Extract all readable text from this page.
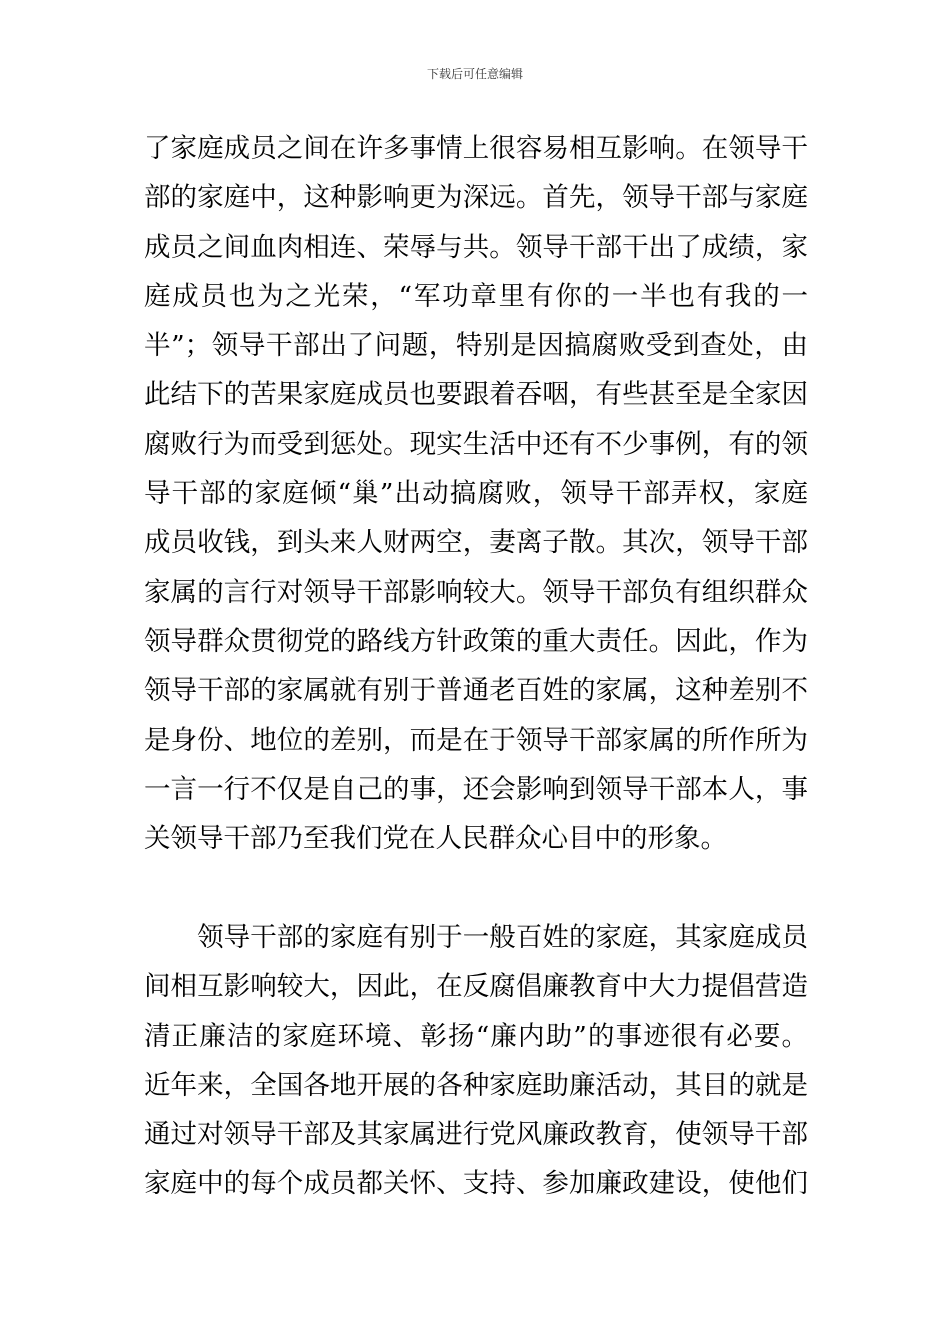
下载后可任意编辑
了家庭成员之间在许多事情上很容易相互影响。在领导干
部的家庭中，这种影响更为深远。首先，领导干部与家庭
成员之间血肉相连、荣辱与共。领导干部干出了成绩，家
庭成员也为之光荣，“军功章里有你的一半也有我的一
半”；领导干部出了问题，特别是因搞腐败受到查处，由
此结下的苦果家庭成员也要跟着吞咽，有些甚至是全家因
腐败行为而受到惩处。现实生活中还有不少事例，有的领
导干部的家庭倾“巢”出动搞腐败，领导干部弄权，家庭
成员收钱，到头来人财两空，妻离子散。其次，领导干部
家属的言行对领导干部影响较大。领导干部负有组织群众
领导群众贯彻党的路线方针政策的重大责任。因此，作为
领导干部的家属就有别于普通老百姓的家属，这种差别不
是身份、地位的差别，而是在于领导干部家属的所作所为
一言一行不仅是自己的事，还会影响到领导干部本人，事
关领导干部乃至我们党在人民群众心目中的形象。
　　领导干部的家庭有别于一般百姓的家庭，其家庭成员
间相互影响较大，因此，在反腐倡廉教育中大力提倡营造
清正廉洁的家庭环境、彰扬“廉内助”的事迹很有必要。
近年来，全国各地开展的各种家庭助廉活动，其目的就是
通过对领导干部及其家属进行党风廉政教育，使领导干部
家庭中的每个成员都关怀、支持、参加廉政建设，使他们
